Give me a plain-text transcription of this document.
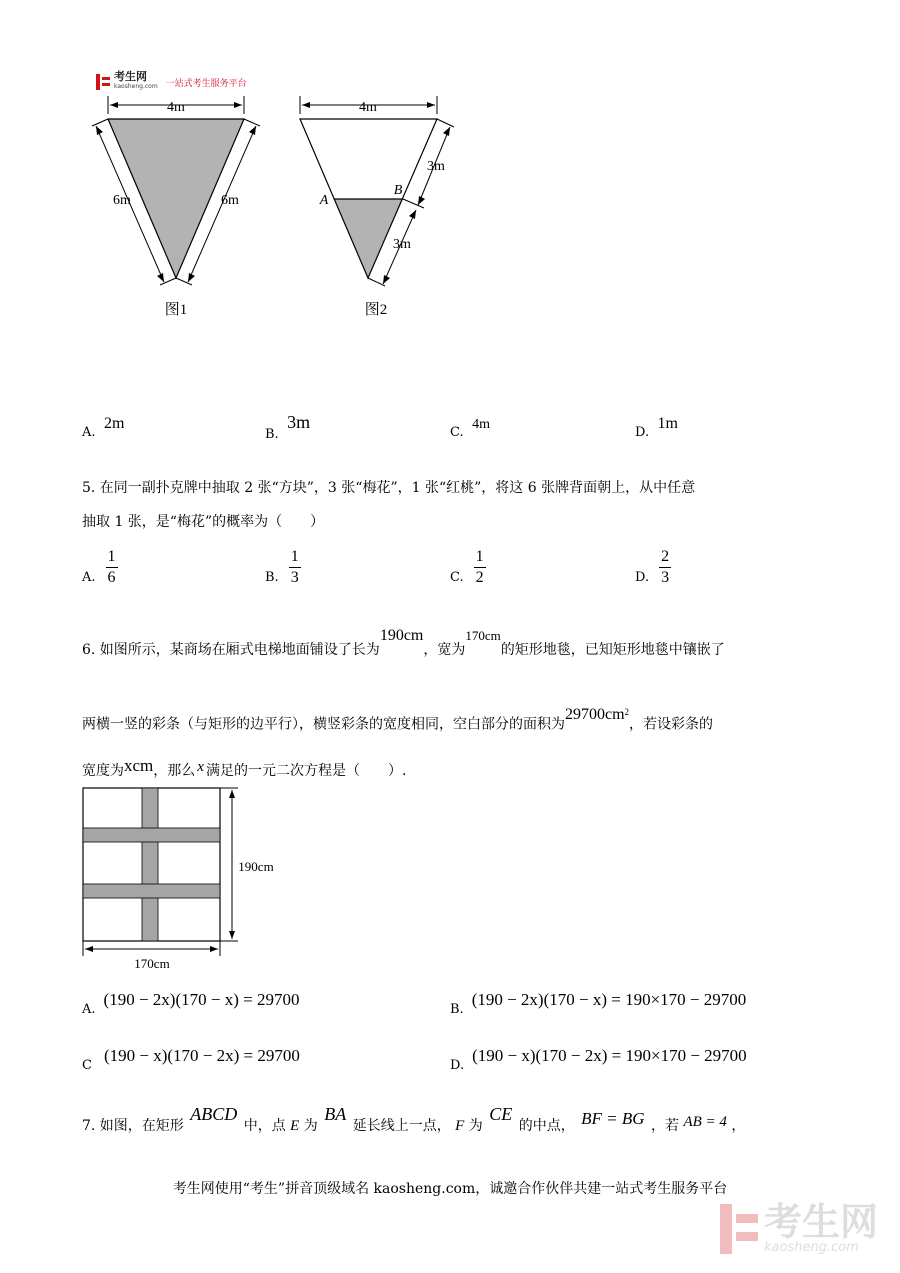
考生网
kaosheng.com 一站式考生服务平台
4m
6m	6m
图1
4m
3m
3m
A
B
图2
A. 2m
B. 3m
C. 4m
D. 1m
5. 在同一副扑克牌中抽取 2 张“方块”，3 张“梅花”，1 张“红桃”，将这 6 张牌背面朝上，从中任意
抽取 1 张，是“梅花”的概率为（　　）
A. $\frac{1}{6}$	B. $\frac{1}{3}$	C. $\frac{1}{2}$	D. $\frac{2}{3}$
6. 如图所示，某商场在厢式电梯地面铺设了长为190cm，宽为170cm的矩形地毯，已知矩形地毯中镶嵌了
两横一竖的彩条（与矩形的边平行），横竖彩条的宽度相同，空白部分的面积为$29700cm^2$，若设彩条的
宽度为xcm，那么 x 满足的一元二次方程是（　　）.
190cm
170cm
A.
(190 − 2x)(170 − x) = 29700
B.
(190 − 2x)(170 − x) = 190×170 − 29700
C
(190 − x)(170 − 2x) = 29700
D.
(190 − x)(170 − 2x) = 190×170 − 29700
7. 如图，在矩形 ABCD 中，点 E 为 BA 延长线上一点， F 为 CE 的中点， BF = BG ，若 AB = 4 ，
考生网使用“考生”拼音顶级域名 kaosheng.com，诚邀合作伙伴共建一站式考生服务平台
考生网
kaosheng.com
